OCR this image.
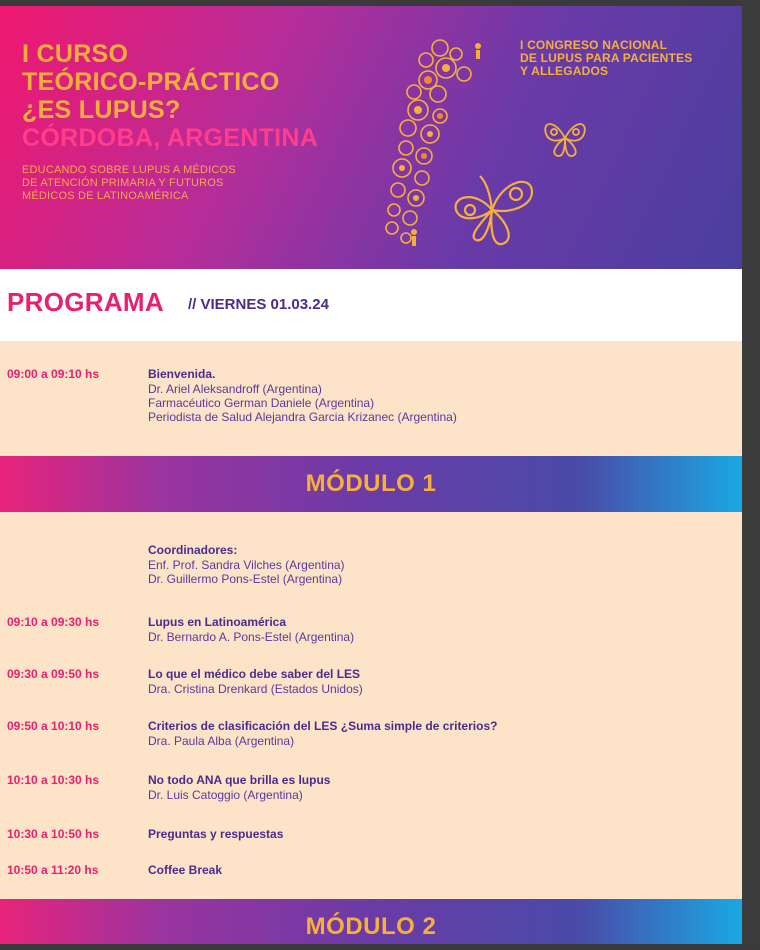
I CURSO
TEÓRICO-PRÁCTICO
¿ES LUPUS?
CÓRDOBA, ARGENTINA
EDUCANDO SOBRE LUPUS A MÉDICOS
DE ATENCIÓN PRIMARIA Y FUTUROS
MÉDICOS DE LATINOAMÉRICA
I CONGRESO NACIONAL
DE LUPUS PARA PACIENTES
Y ALLEGADOS
PROGRAMA // VIERNES 01.03.24
09:00 a 09:10 hs	Bienvenida.
Dr. Ariel Aleksandroff (Argentina)
Farmacéutico German Daniele (Argentina)
Periodista de Salud Alejandra Garcia Krizanec (Argentina)
MÓDULO 1
Coordinadores:
Enf. Prof. Sandra Vilches (Argentina)
Dr. Guillermo Pons-Estel (Argentina)
09:10 a 09:30 hs	Lupus en Latinoamérica
Dr. Bernardo A. Pons-Estel (Argentina)
09:30 a 09:50 hs	Lo que el médico debe saber del LES
Dra. Cristina Drenkard (Estados Unidos)
09:50 a 10:10 hs	Criterios de clasificación del LES ¿Suma simple de criterios?
Dra. Paula Alba (Argentina)
10:10 a 10:30 hs	No todo ANA que brilla es lupus
Dr. Luis Catoggio (Argentina)
10:30 a 10:50 hs	Preguntas y respuestas
10:50 a 11:20 hs	Coffee Break
MÓDULO 2
